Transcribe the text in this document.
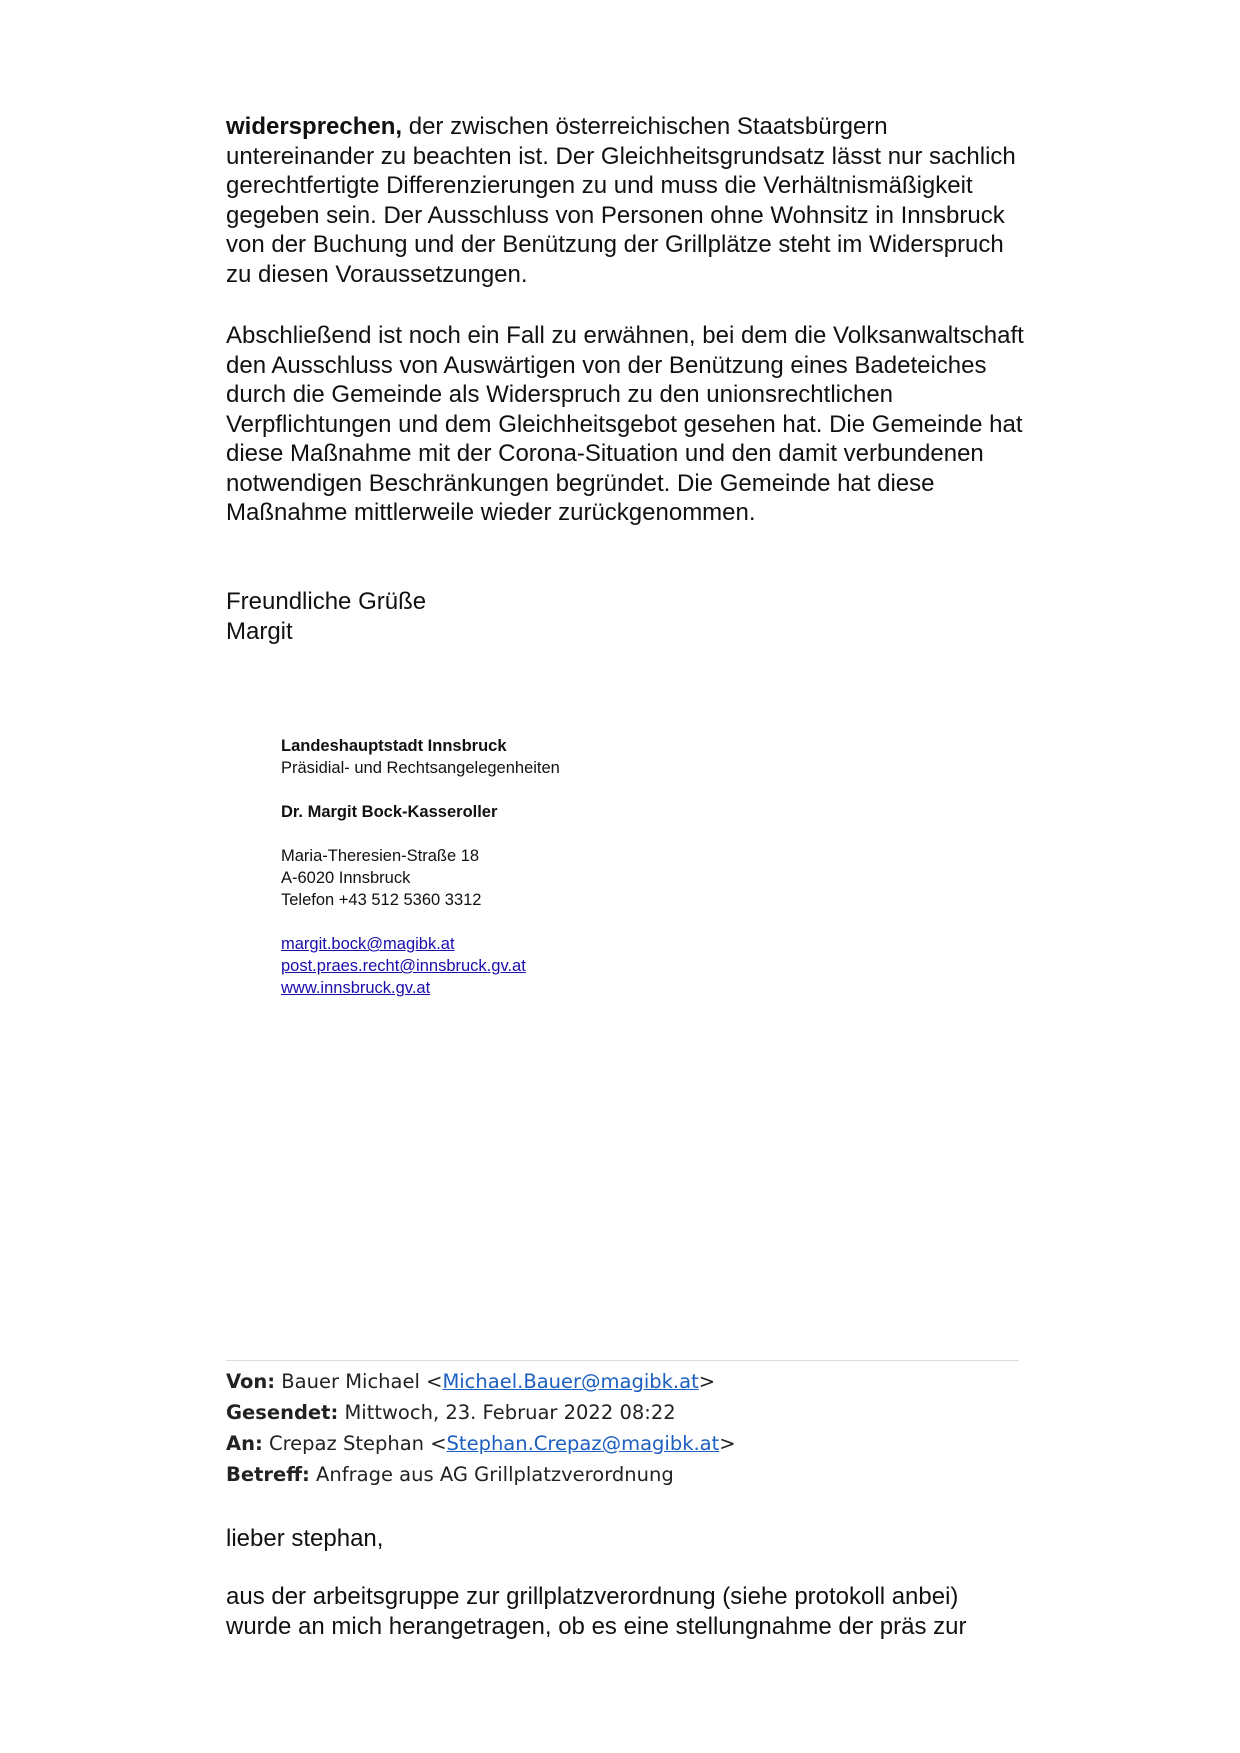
widersprechen, der zwischen österreichischen Staatsbürgern untereinander zu beachten ist. Der Gleichheitsgrundsatz lässt nur sachlich gerechtfertigte Differenzierungen zu und muss die Verhältnismäßigkeit gegeben sein. Der Ausschluss von Personen ohne Wohnsitz in Innsbruck von der Buchung und der Benützung der Grillplätze steht im Widerspruch zu diesen Voraussetzungen.

Abschließend ist noch ein Fall zu erwähnen, bei dem die Volksanwaltschaft den Ausschluss von Auswärtigen von der Benützung eines Badeteiches durch die Gemeinde als Widerspruch zu den unionsrechtlichen Verpflichtungen und dem Gleichheitsgebot gesehen hat. Die Gemeinde hat diese Maßnahme mit der Corona-Situation und den damit verbundenen notwendigen Beschränkungen begründet. Die Gemeinde hat diese Maßnahme mittlerweile wieder zurückgenommen.

Freundliche Grüße

Margit

Landeshauptstadt Innsbruck
Präsidial- und Rechtsangelegenheiten
Dr. Margit Bock-Kasseroller
Maria-Theresien-Straße 18
A-6020 Innsbruck
Telefon +43 512 5360 3312
margit.bock@magibk.at
post.praes.recht@innsbruck.gv.at
www.innsbruck.gv.at
Von: Bauer Michael <Michael.Bauer@magibk.at>
Gesendet: Mittwoch, 23. Februar 2022 08:22
An: Crepaz Stephan <Stephan.Crepaz@magibk.at>
Betreff: Anfrage aus AG Grillplatzverordnung

lieber stephan,

aus der arbeitsgruppe zur grillplatzverordnung (siehe protokoll anbei) wurde an mich herangetragen, ob es eine stellungnahme der präs zur
